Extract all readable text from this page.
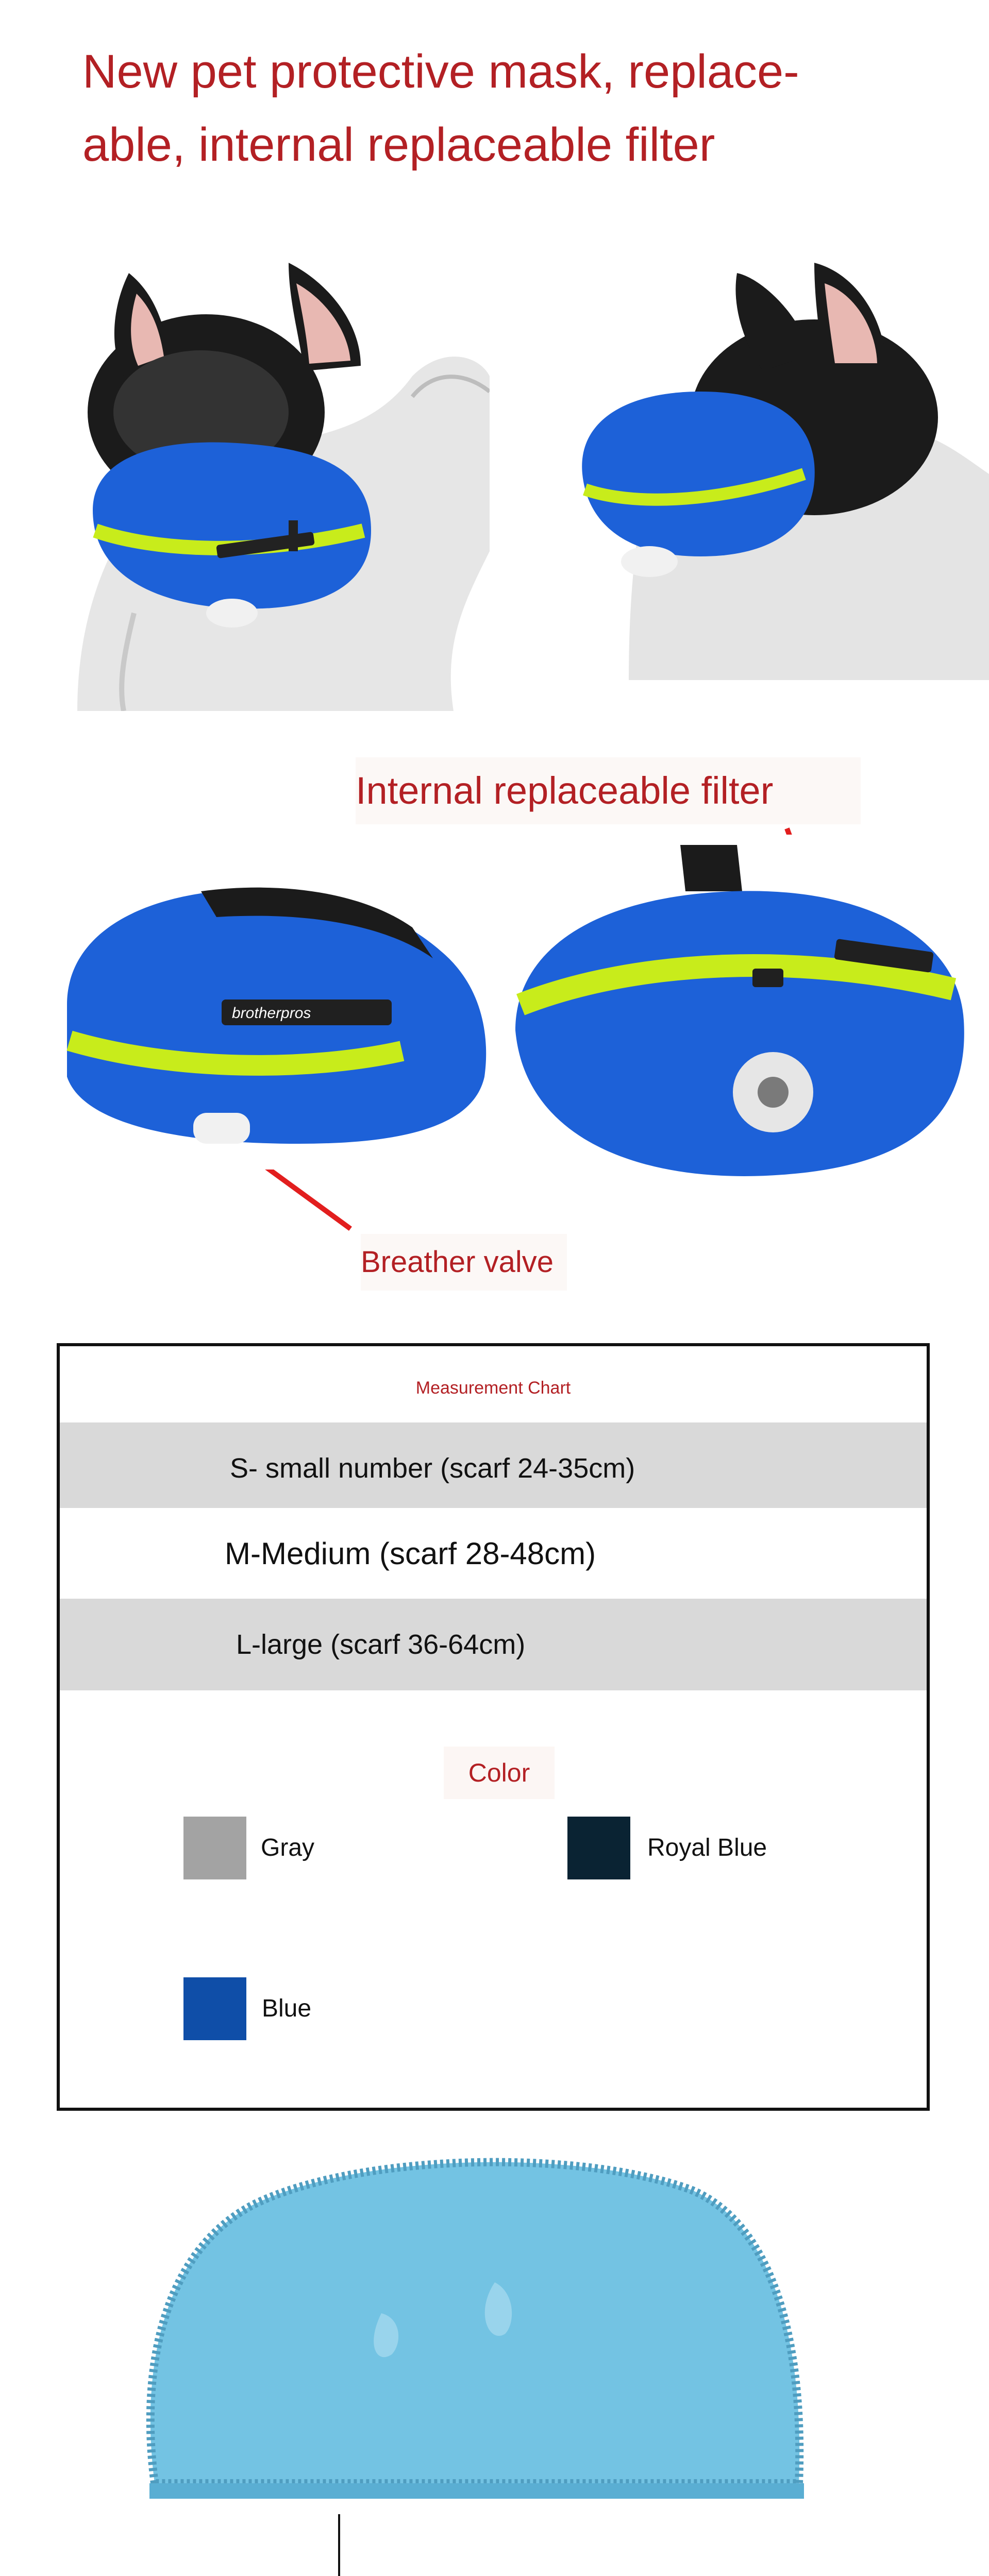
New pet protective mask, replace-
able, internal replaceable filter
Internal replaceable filter
brotherpros
Breather valve
Measurement Chart
S- small number (scarf 24-35cm)
M-Medium (scarf 28-48cm)
L-large (scarf 36-64cm)
Color
Gray	Royal Blue
Blue
